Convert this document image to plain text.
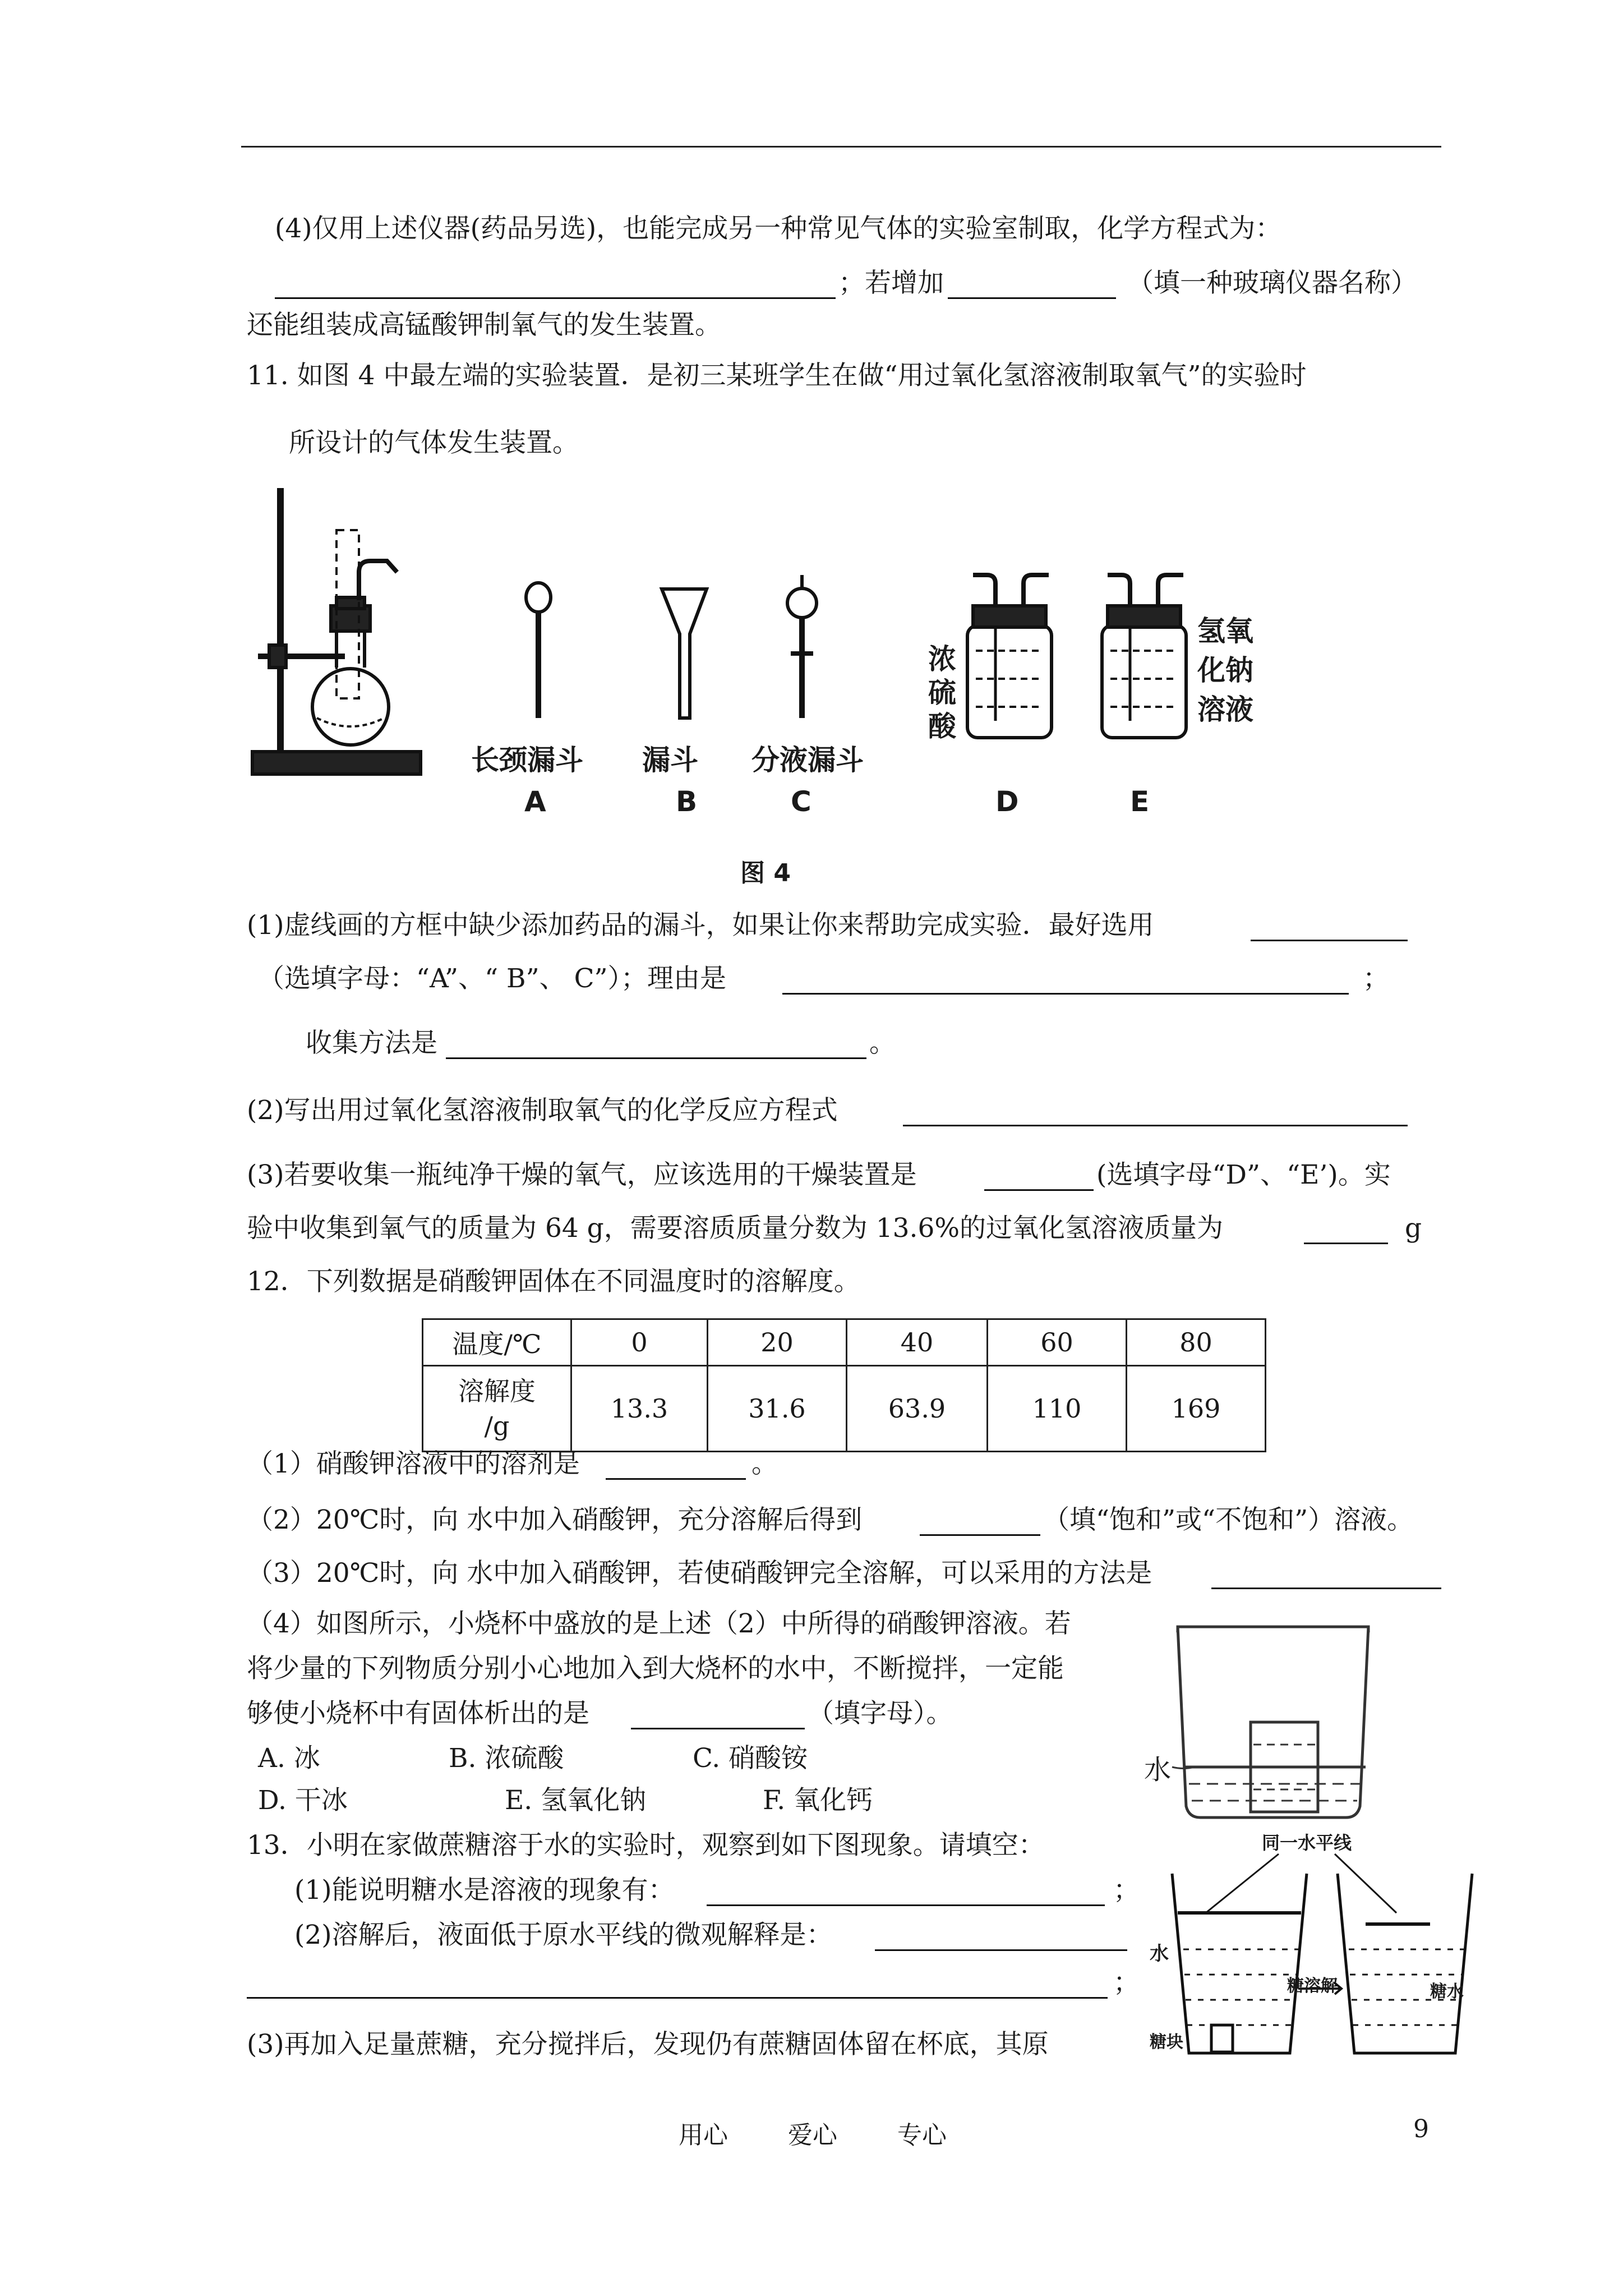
(4)仅用上述仪器(药品另选)，也能完成另一种常见气体的实验室制取，化学方程式为：
；若增加	（填一种玻璃仪器名称）
还能组装成高锰酸钾制氧气的发生装置。
11. 如图 4 中最左端的实验装置．是初三某班学生在做“用过氧化氢溶液制取氧气”的实验时
所设计的气体发生装置。
长颈漏斗 漏斗 分液漏斗
A	B	C	D	E
浓
硫
酸
氢氧
化钠
溶液
图 4
(1)虚线画的方框中缺少添加药品的漏斗，如果让你来帮助完成实验．最好选用
（选填字母：“A”、“ B”、 C”）；理由是	；
收集方法是	。
(2)写出用过氧化氢溶液制取氧气的化学反应方程式
(3)若要收集一瓶纯净干燥的氧气，应该选用的干燥装置是	(选填字母“D”、“E’)。实
验中收集到氧气的质量为 64 g，需要溶质质量分数为 13.6%的过氧化氢溶液质量为	g
12．下列数据是硝酸钾固体在不同温度时的溶解度。
温度/℃	0	20	40	60	80
溶解度
/g	13.3	31.6	63.9	110	169
（1）硝酸钾溶液中的溶剂是	。
（2）20℃时，向 水中加入硝酸钾，充分溶解后得到	（填“饱和”或“不饱和”）溶液。
（3）20℃时，向 水中加入硝酸钾，若使硝酸钾完全溶解，可以采用的方法是
（4）如图所示，小烧杯中盛放的是上述（2）中所得的硝酸钾溶液。若
将少量的下列物质分别小心地加入到大烧杯的水中，不断搅拌，一定能
够使小烧杯中有固体析出的是	（填字母）。
A. 冰	B. 浓硫酸	C. 硝酸铵
D. 干冰	E. 氢氧化钠	F. 氧化钙
水
13．小明在家做蔗糖溶于水的实验时，观察到如下图现象。请填空：
(1)能说明糖水是溶液的现象有：	；
(2)溶解后，液面低于原水平线的微观解释是：
；
(3)再加入足量蔗糖，充分搅拌后，发现仍有蔗糖固体留在杯底，其原
同一水平线
水
糖溶解	糖水
糖块
用心 爱心 专心	9
